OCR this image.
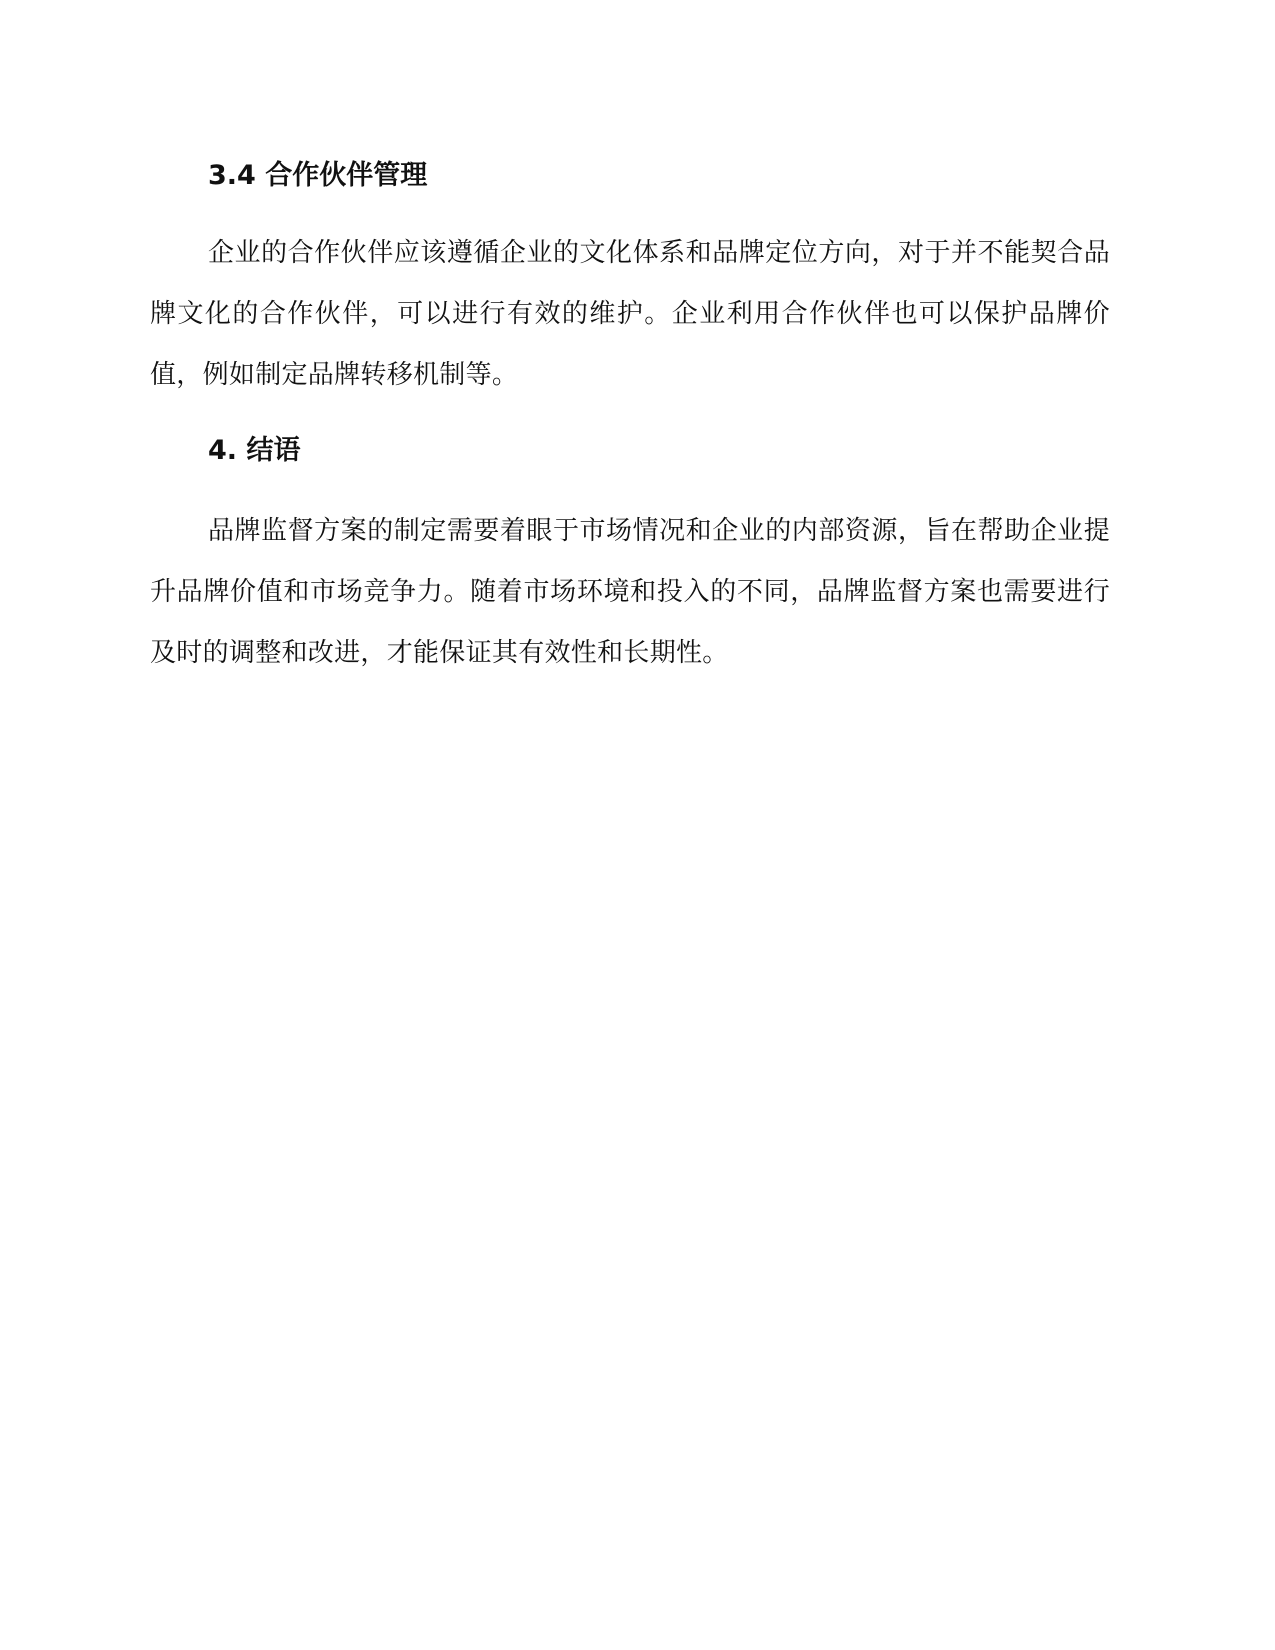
3.4 合作伙伴管理

企业的合作伙伴应该遵循企业的文化体系和品牌定位方向，对于并不能契合品牌文化的合作伙伴，可以进行有效的维护。企业利用合作伙伴也可以保护品牌价值，例如制定品牌转移机制等。

4. 结语

品牌监督方案的制定需要着眼于市场情况和企业的内部资源，旨在帮助企业提升品牌价值和市场竞争力。随着市场环境和投入的不同，品牌监督方案也需要进行及时的调整和改进，才能保证其有效性和长期性。
